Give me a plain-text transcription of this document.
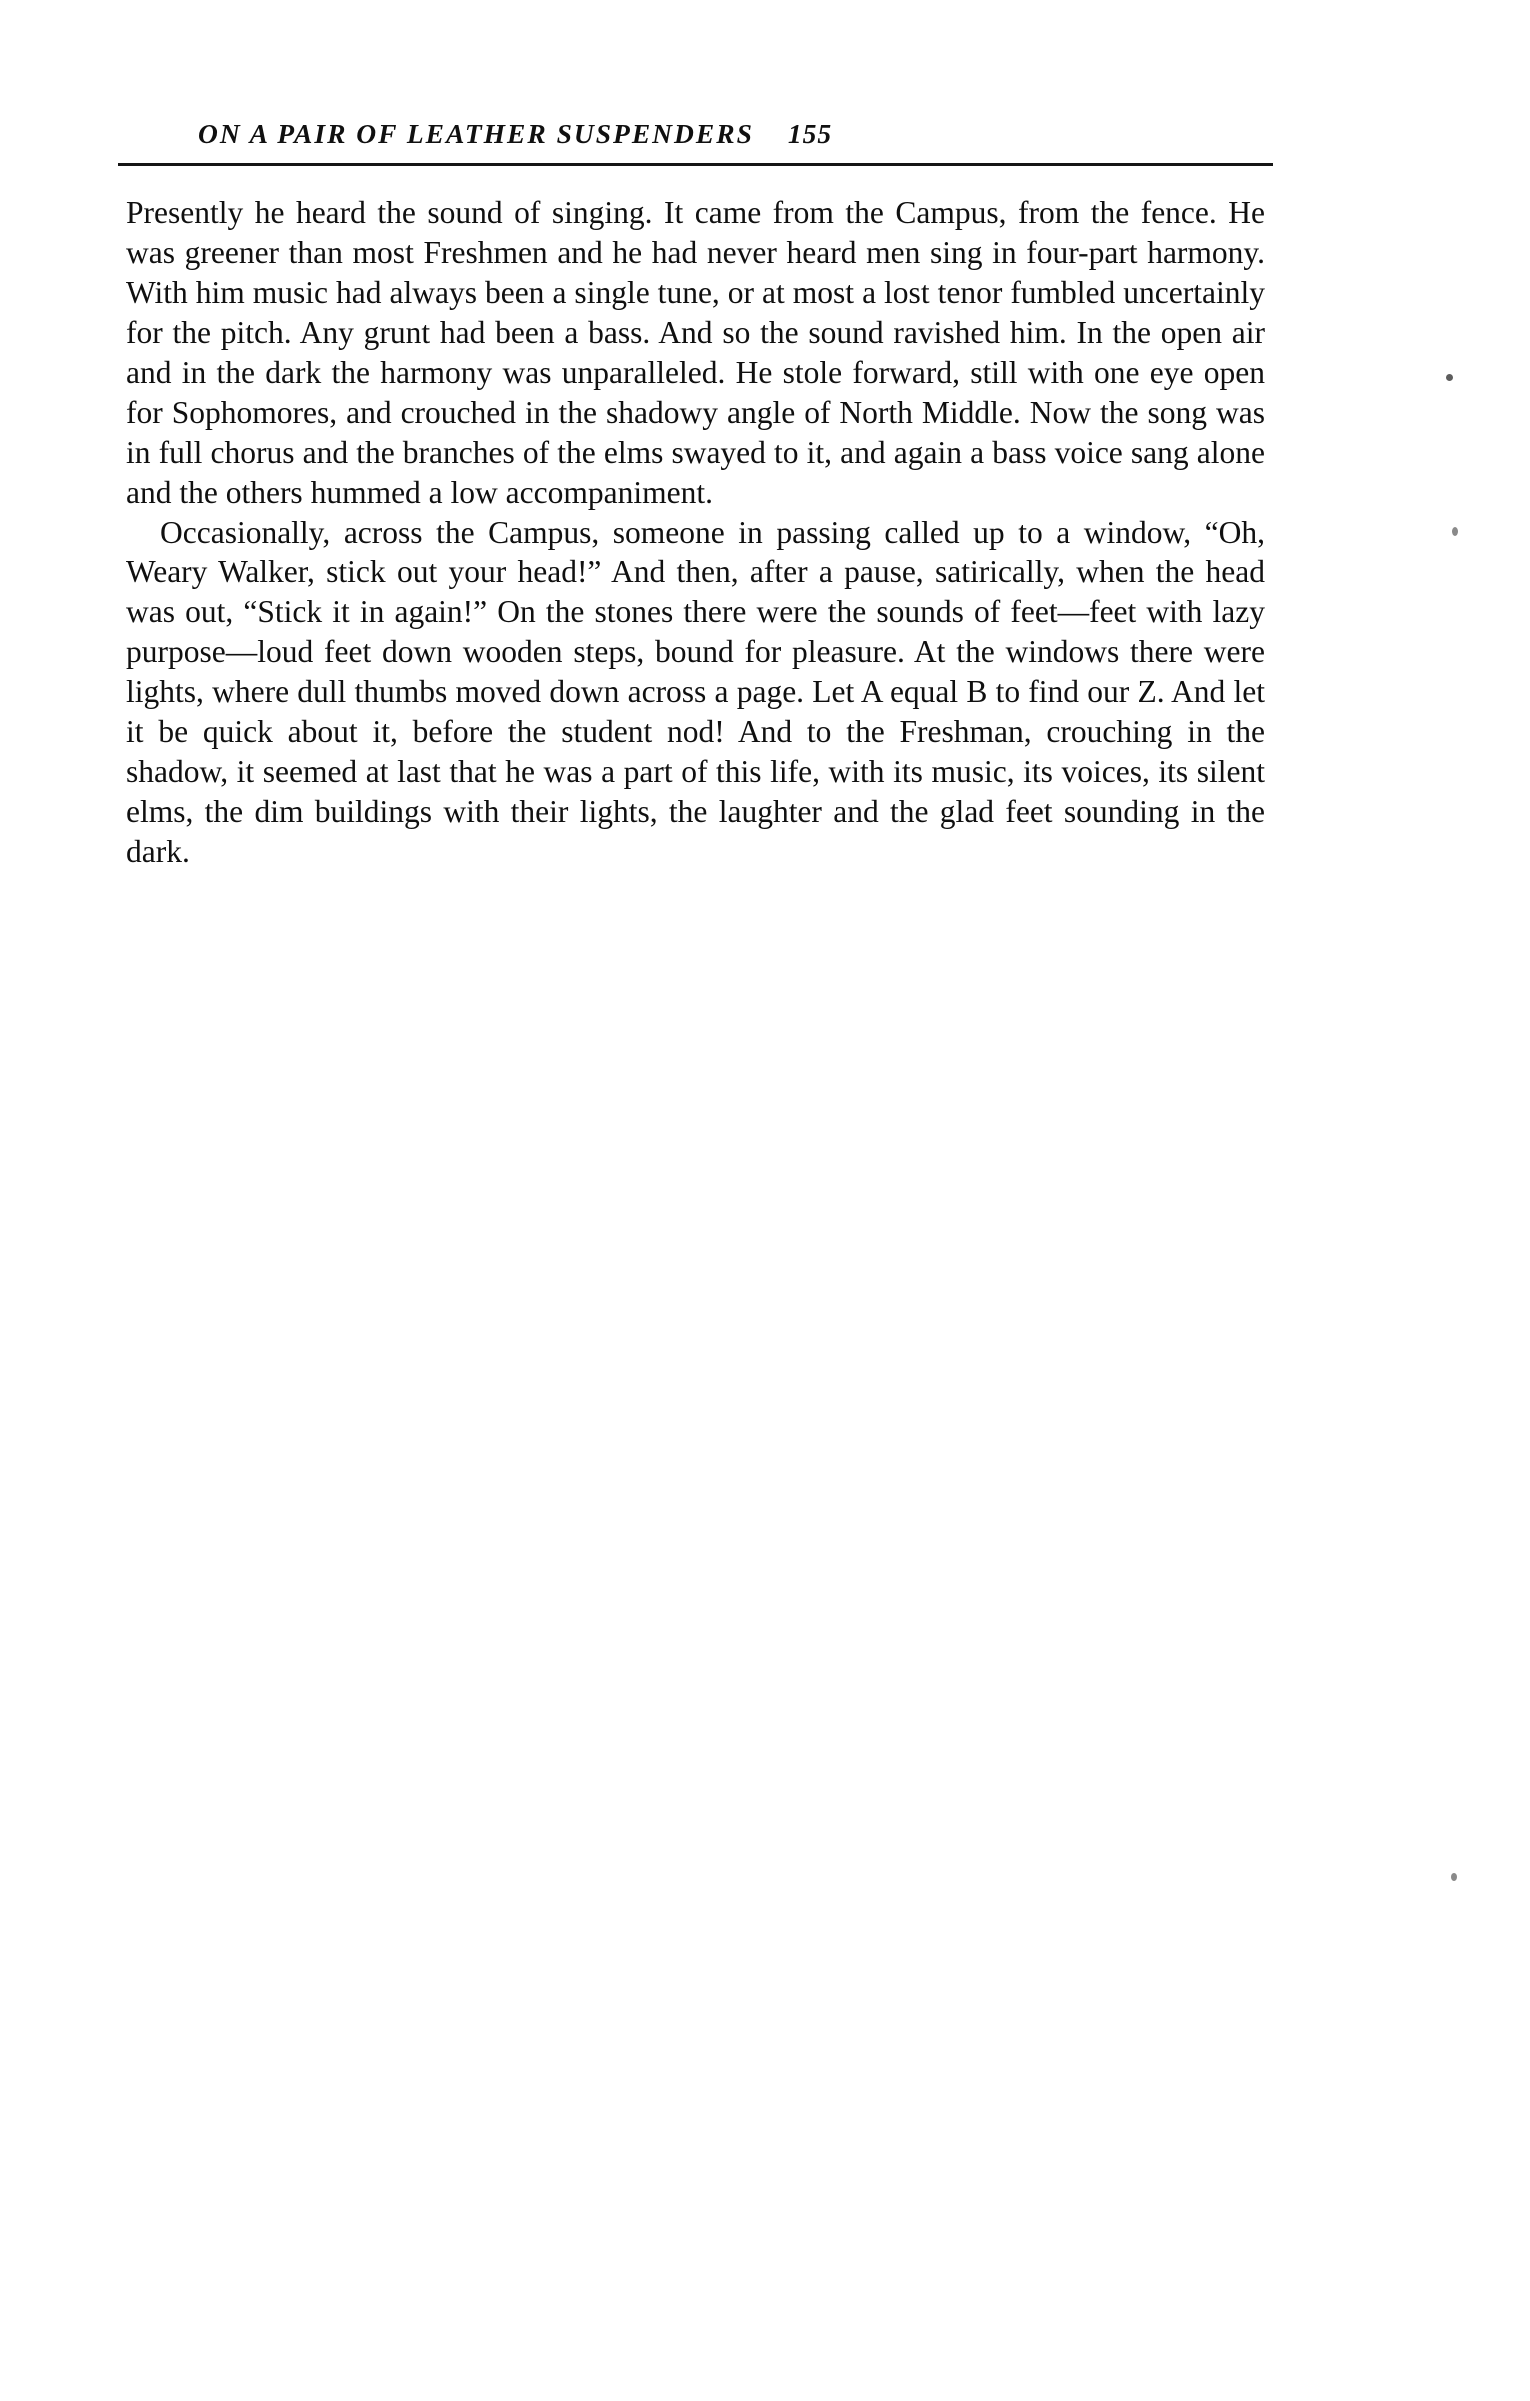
ON A PAIR OF LEATHER SUSPENDERS 155

Presently he heard the sound of singing. It came from the Campus, from the fence. He was greener than most Freshmen and he had never heard men sing in four-part harmony. With him music had always been a single tune, or at most a lost tenor fumbled uncertainly for the pitch. Any grunt had been a bass. And so the sound ravished him. In the open air and in the dark the harmony was unparalleled. He stole forward, still with one eye open for Sophomores, and crouched in the shadowy angle of North Middle. Now the song was in full chorus and the branches of the elms swayed to it, and again a bass voice sang alone and the others hummed a low accompaniment.

Occasionally, across the Campus, someone in passing called up to a window, “Oh, Weary Walker, stick out your head!” And then, after a pause, satirically, when the head was out, “Stick it in again!” On the stones there were the sounds of feet—feet with lazy purpose—loud feet down wooden steps, bound for pleasure. At the windows there were lights, where dull thumbs moved down across a page. Let A equal B to find our Z. And let it be quick about it, before the student nod! And to the Freshman, crouching in the shadow, it seemed at last that he was a part of this life, with its music, its voices, its silent elms, the dim buildings with their lights, the laughter and the glad feet sounding in the dark.
